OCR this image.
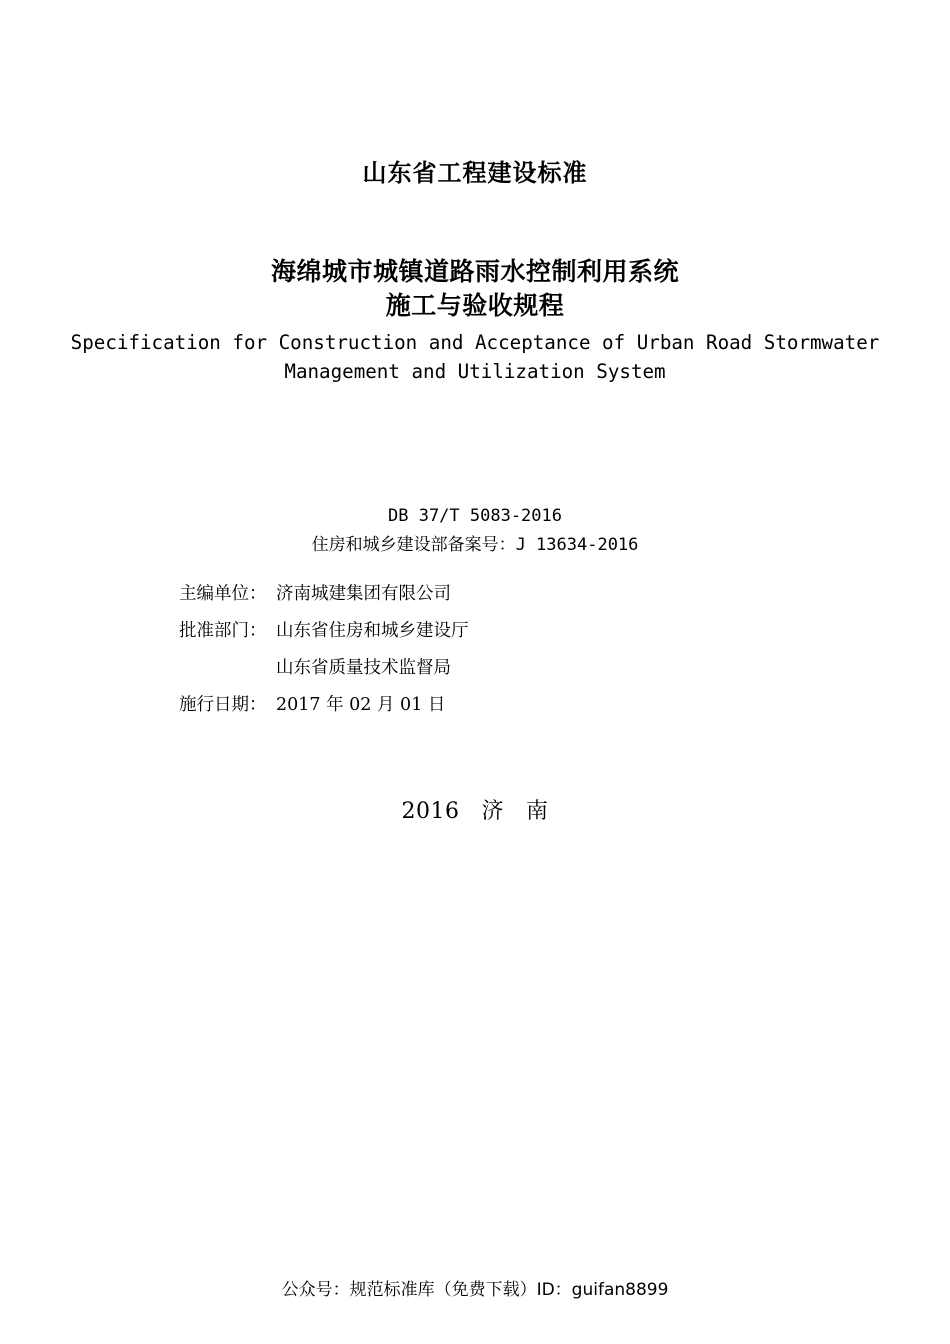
山东省工程建设标准
海绵城市城镇道路雨水控制利用系统
施工与验收规程
Specification for Construction and Acceptance of Urban Road Stormwater
Management and Utilization System
DB 37/T 5083-2016
住房和城乡建设部备案号：J 13634-2016
主编单位： 济南城建集团有限公司
批准部门： 山东省住房和城乡建设厅
山东省质量技术监督局
施行日期： 2017 年 02 月 01 日
2016 济 南
公众号：规范标准库（免费下载）ID：guifan8899
